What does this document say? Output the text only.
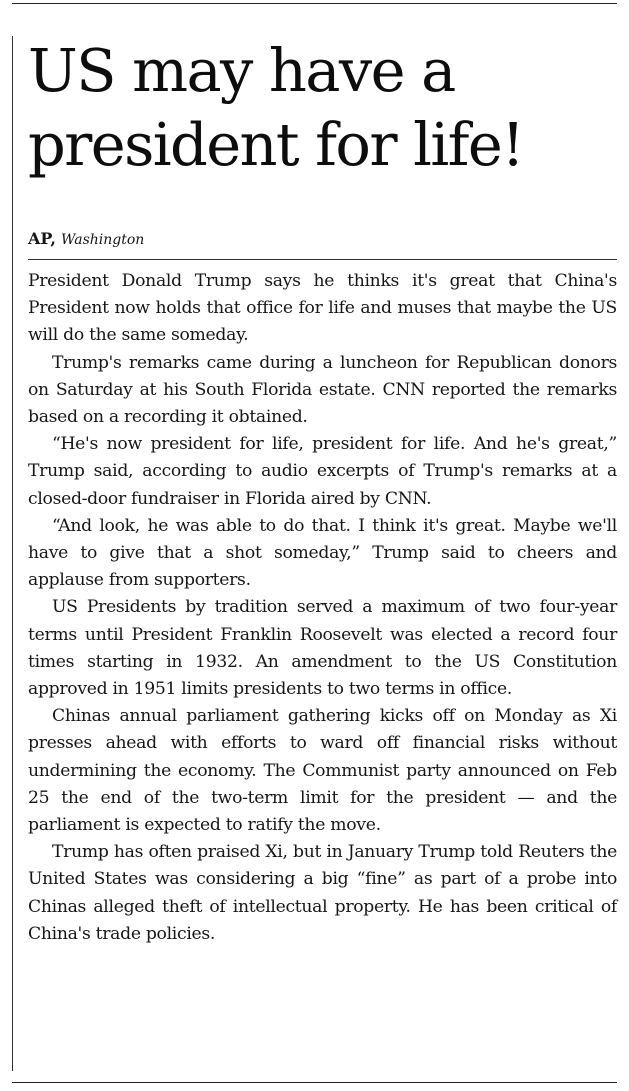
US may have a
president for life!
AP, Washington

President Donald Trump says he thinks it's great that China's President now holds that office for life and muses that maybe the US will do the same someday.

Trump's remarks came during a luncheon for Republican donors on Saturday at his South Florida estate. CNN reported the remarks based on a recording it obtained.

“He's now president for life, president for life. And he's great,” Trump said, according to audio excerpts of Trump's remarks at a closed-door fundraiser in Florida aired by CNN.

“And look, he was able to do that. I think it's great. Maybe we'll have to give that a shot someday,” Trump said to cheers and applause from supporters.

US Presidents by tradition served a maximum of two four-year terms until President Franklin Roosevelt was elected a record four times starting in 1932. An amendment to the US Constitution approved in 1951 limits presidents to two terms in office.

Chinas annual parliament gathering kicks off on Monday as Xi presses ahead with efforts to ward off financial risks without undermining the economy. The Communist party announced on Feb 25 the end of the two-term limit for the president — and the parliament is expected to ratify the move.

Trump has often praised Xi, but in January Trump told Reuters the United States was considering a big “fine” as part of a probe into Chinas alleged theft of intellectual property. He has been critical of China's trade policies.
